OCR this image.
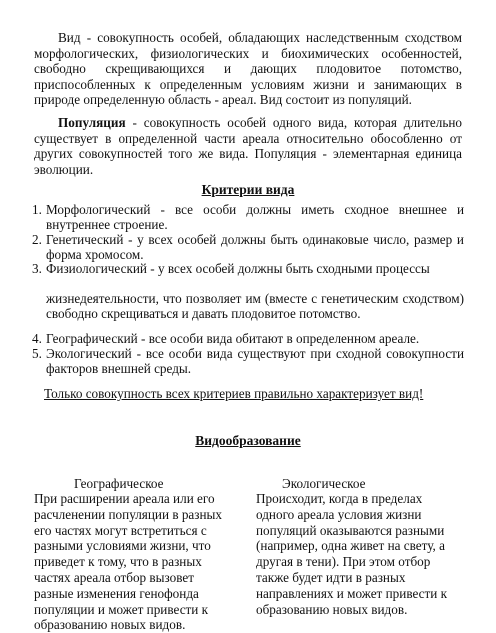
Вид - совокупность особей, обладающих наследственным сходством морфологических, физиологических и биохимических особенностей, свободно скрещивающихся и дающих плодовитое потомство, приспособленных к определенным условиям жизни и занимающих в природе определенную область - ареал. Вид состоит из популяций.
Популяция - совокупность особей одного вида, которая длительно существует в определенной части ареала относительно обособленно от других совокупностей того же вида. Популяция - элементарная единица эволюции.
Критерии вида
1. Морфологический - все особи должны иметь сходное внешнее и внутреннее строение.
2. Генетический - у всех особей должны быть одинаковые число, размер и форма хромосом.
3. Физиологический - у всех особей должны быть сходными процессы
жизнедеятельности, что позволяет им (вместе с генетическим сходством) свободно скрещиваться и давать плодовитое потомство.
4. Географический - все особи вида обитают в определенном ареале.
5. Экологический - все особи вида существуют при сходной совокупности факторов внешней среды.
Только совокупность всех критериев правильно характеризует вид!
Видообразование
Географическое	Экологическое
При расширении ареала или его расчленении популяции в разных его частях могут встретиться с разными условиями жизни, что приведет к тому, что в разных частях ареала отбор вызовет разные изменения генофонда популяции и может привести к образованию новых видов.
Происходит, когда в пределах одного ареала условия жизни популяций оказываются разными (например, одна живет на свету, а другая в тени). При этом отбор также будет идти в разных направлениях и может привести к образованию новых видов.
